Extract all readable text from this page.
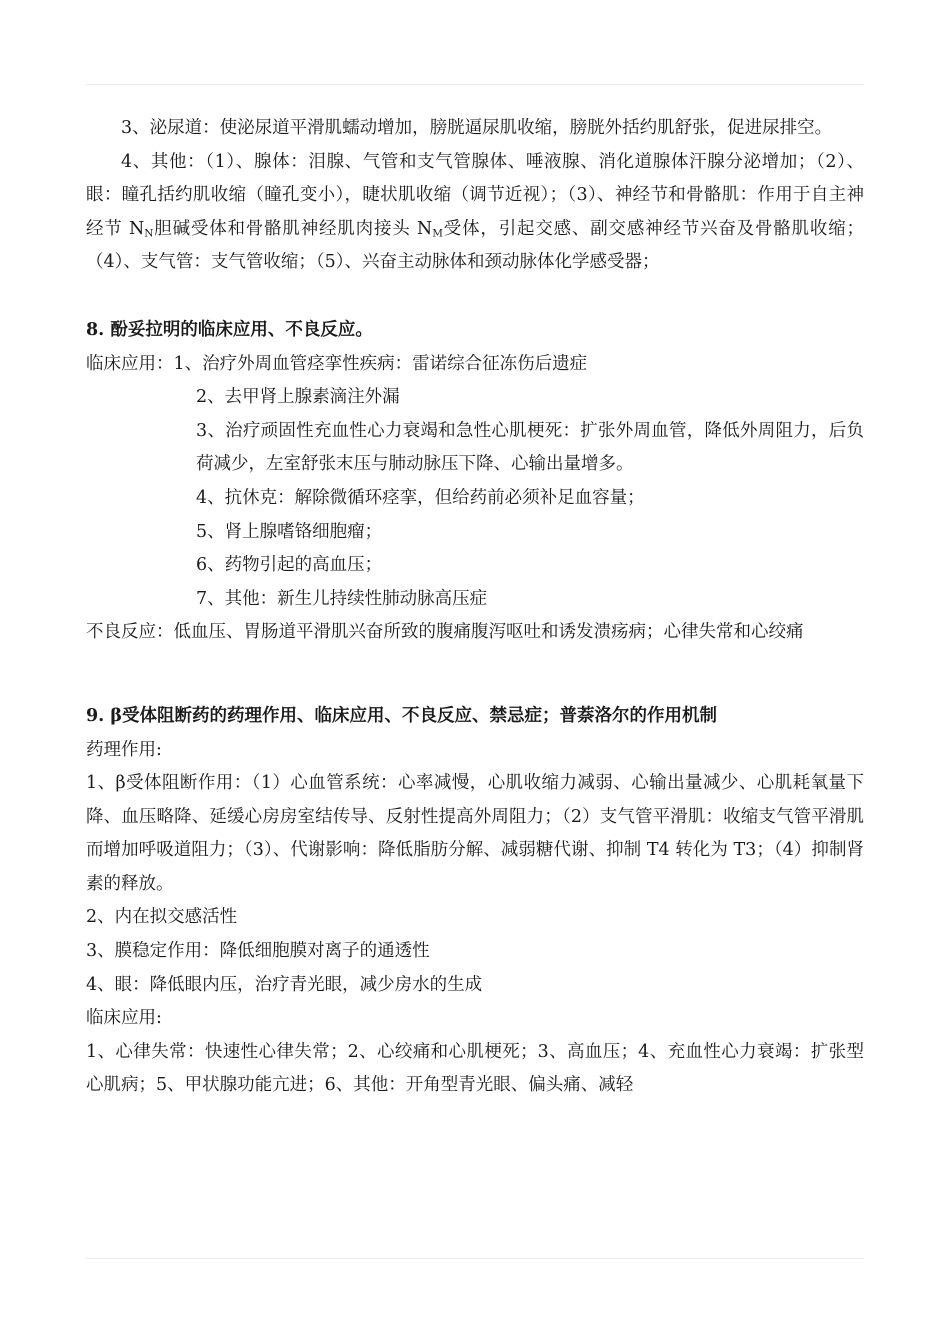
3、泌尿道：使泌尿道平滑肌蠕动增加，膀胱逼尿肌收缩，膀胱外括约肌舒张，促进尿排空。

4、其他：（1）、腺体：泪腺、气管和支气管腺体、唾液腺、消化道腺体汗腺分泌增加；（2）、眼：瞳孔括约肌收缩（瞳孔变小），睫状肌收缩（调节近视）；（3）、神经节和骨骼肌：作用于自主神经节 $N_N$胆碱受体和骨骼肌神经肌肉接头 $N_M$受体，引起交感、副交感神经节兴奋及骨骼肌收缩；（4）、支气管：支气管收缩；（5）、兴奋主动脉体和颈动脉体化学感受器；

8. 酚妥拉明的临床应用、不良反应。

临床应用：1、治疗外周血管痉挛性疾病：雷诺综合征冻伤后遗症

2、去甲肾上腺素滴注外漏

3、治疗顽固性充血性心力衰竭和急性心肌梗死：扩张外周血管，降低外周阻力，后负荷减少，左室舒张末压与肺动脉压下降、心输出量增多。

4、抗休克：解除微循环痉挛，但给药前必须补足血容量；

5、肾上腺嗜铬细胞瘤；

6、药物引起的高血压；

7、其他：新生儿持续性肺动脉高压症

不良反应：低血压、胃肠道平滑肌兴奋所致的腹痛腹泻呕吐和诱发溃疡病；心律失常和心绞痛

9. β受体阻断药的药理作用、临床应用、不良反应、禁忌症；普萘洛尔的作用机制

药理作用:

1、β受体阻断作用：（1）心血管系统：心率减慢，心肌收缩力减弱、心输出量减少、心肌耗氧量下降、血压略降、延缓心房房室结传导、反射性提高外周阻力；（2）支气管平滑肌：收缩支气管平滑肌而增加呼吸道阻力；（3）、代谢影响：降低脂肪分解、减弱糖代谢、抑制 T4 转化为 T3；（4）抑制肾素的释放。

2、内在拟交感活性

3、膜稳定作用：降低细胞膜对离子的通透性

4、眼：降低眼内压，治疗青光眼，减少房水的生成

临床应用:

1、心律失常：快速性心律失常；2、心绞痛和心肌梗死；3、高血压；4、充血性心力衰竭：扩张型心肌病；5、甲状腺功能亢进；6、其他：开角型青光眼、偏头痛、减轻
